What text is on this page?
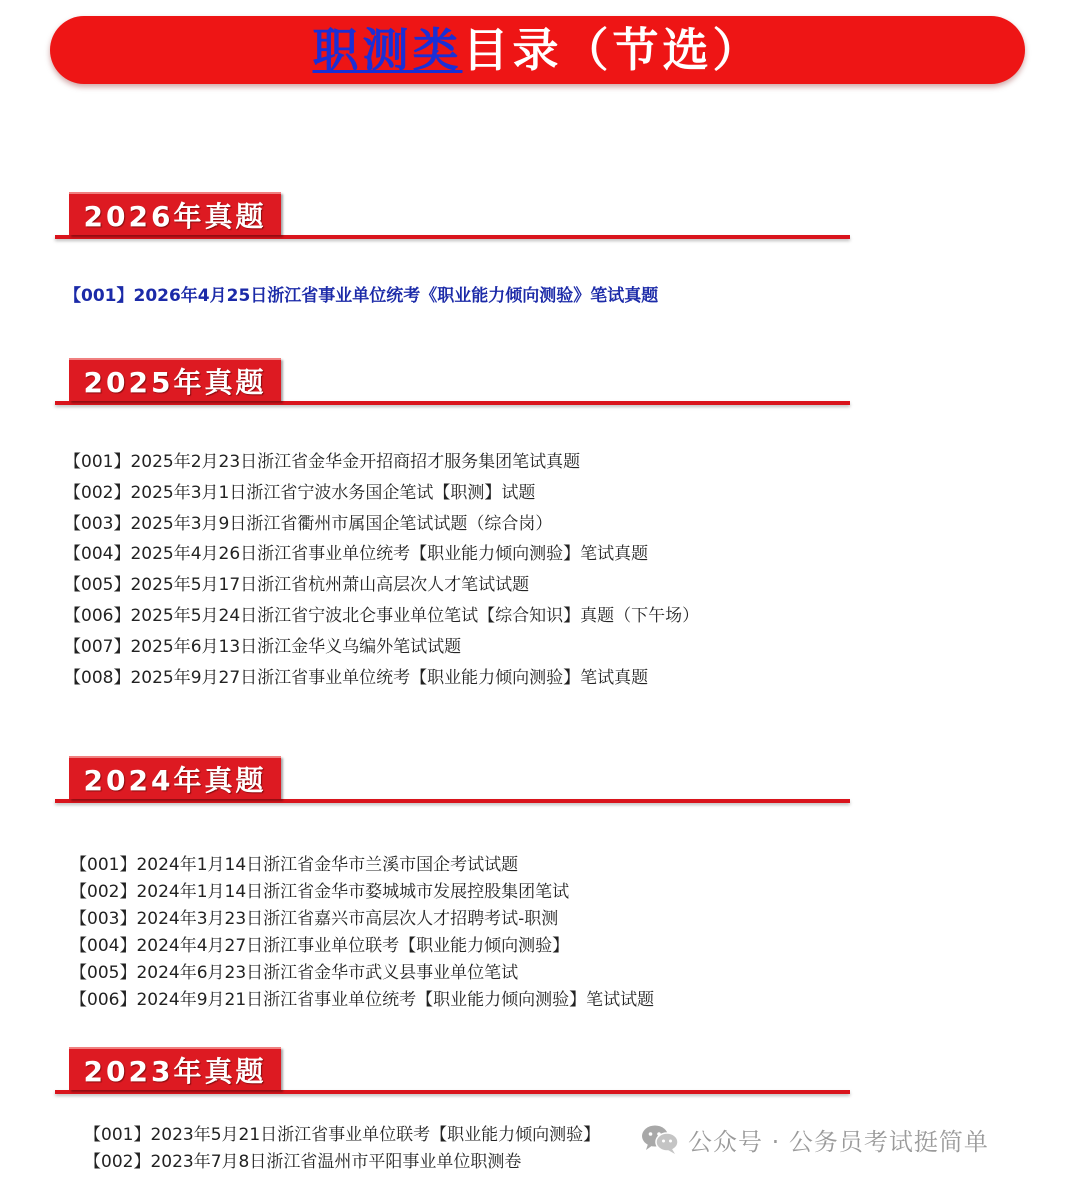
职测类 目录（节选）
2026年真题
【001】2026年4月25日浙江省事业单位统考《职业能力倾向测验》笔试真题
2025年真题
【001】2025年2月23日浙江省金华金开招商招才服务集团笔试真题
【002】2025年3月1日浙江省宁波水务国企笔试【职测】试题
【003】2025年3月9日浙江省衢州市属国企笔试试题（综合岗）
【004】2025年4月26日浙江省事业单位统考【职业能力倾向测验】笔试真题
【005】2025年5月17日浙江省杭州萧山高层次人才笔试试题
【006】2025年5月24日浙江省宁波北仑事业单位笔试【综合知识】真题（下午场）
【007】2025年6月13日浙江金华义乌编外笔试试题
【008】2025年9月27日浙江省事业单位统考【职业能力倾向测验】笔试真题
2024年真题
【001】2024年1月14日浙江省金华市兰溪市国企考试试题
【002】2024年1月14日浙江省金华市婺城城市发展控股集团笔试
【003】2024年3月23日浙江省嘉兴市高层次人才招聘考试-职测
【004】2024年4月27日浙江事业单位联考【职业能力倾向测验】
【005】2024年6月23日浙江省金华市武义县事业单位笔试
【006】2024年9月21日浙江省事业单位统考【职业能力倾向测验】笔试试题
2023年真题
【001】2023年5月21日浙江省事业单位联考【职业能力倾向测验】
【002】2023年7月8日浙江省温州市平阳事业单位职测卷
公众号 · 公务员考试挺简单
